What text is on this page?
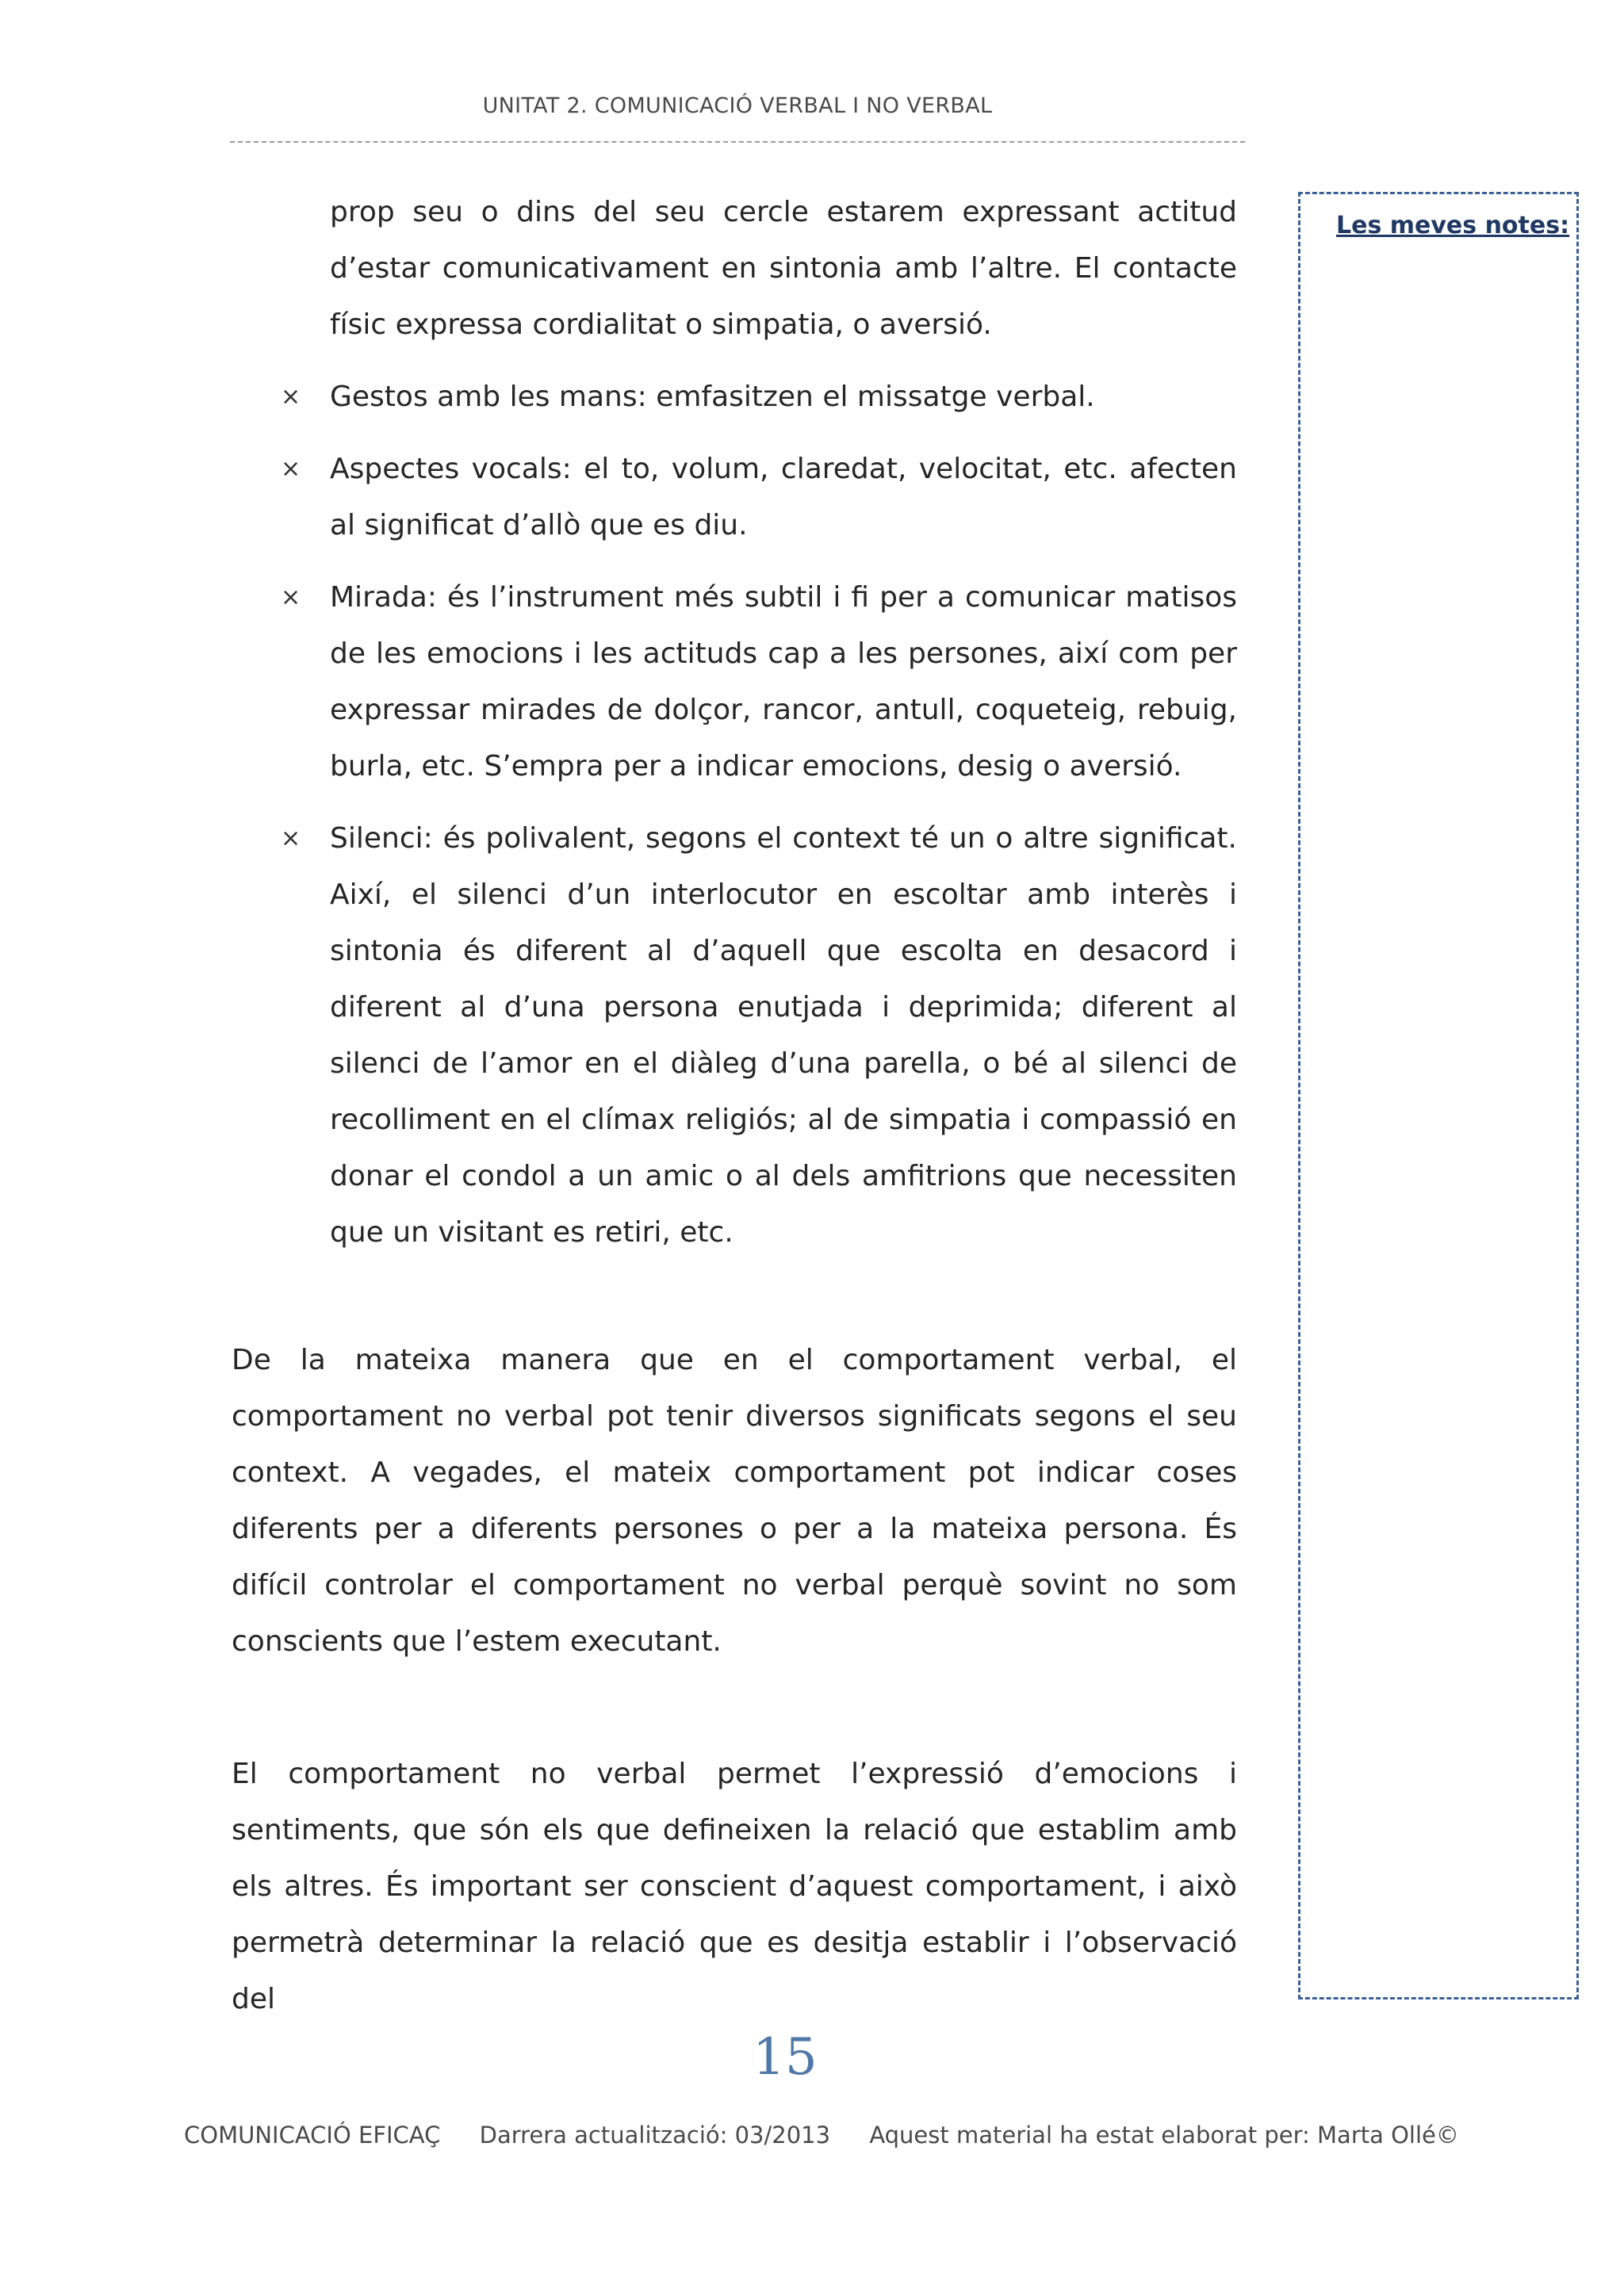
UNITAT 2. COMUNICACIÓ VERBAL I NO VERBAL

prop seu o dins del seu cercle estarem expressant actitud d’estar comunicativament en sintonia amb l’altre. El contacte físic expressa cordialitat o simpatia, o aversió.

× Gestos amb les mans: emfasitzen el missatge verbal.

× Aspectes vocals: el to, volum, claredat, velocitat, etc. afecten al significat d’allò que es diu.

× Mirada: és l’instrument més subtil i fi per a comunicar matisos de les emocions i les actituds cap a les persones, així com per expressar mirades de dolçor, rancor, antull, coqueteig, rebuig, burla, etc. S’empra per a indicar emocions, desig o aversió.

× Silenci: és polivalent, segons el context té un o altre significat. Així, el silenci d’un interlocutor en escoltar amb interès i sintonia és diferent al d’aquell que escolta en desacord i diferent al d’una persona enutjada i deprimida; diferent al silenci de l’amor en el diàleg d’una parella, o bé al silenci de recolliment en el clímax religiós; al de simpatia i compassió en donar el condol a un amic o al dels amfitrions que necessiten que un visitant es retiri, etc.

De la mateixa manera que en el comportament verbal, el comportament no verbal pot tenir diversos significats segons el seu context. A vegades, el mateix comportament pot indicar coses diferents per a diferents persones o per a la mateixa persona. És difícil controlar el comportament no verbal perquè sovint no som conscients que l’estem executant.

El comportament no verbal permet l’expressió d’emocions i sentiments, que són els que defineixen la relació que establim amb els altres. És important ser conscient d’aquest comportament, i això permetrà determinar la relació que es desitja establir i l’observació del

Les meves notes:
15
COMUNICACIÓ EFICAÇ Darrera actualització: 03/2013 Aquest material ha estat elaborat per: Marta Ollé©
